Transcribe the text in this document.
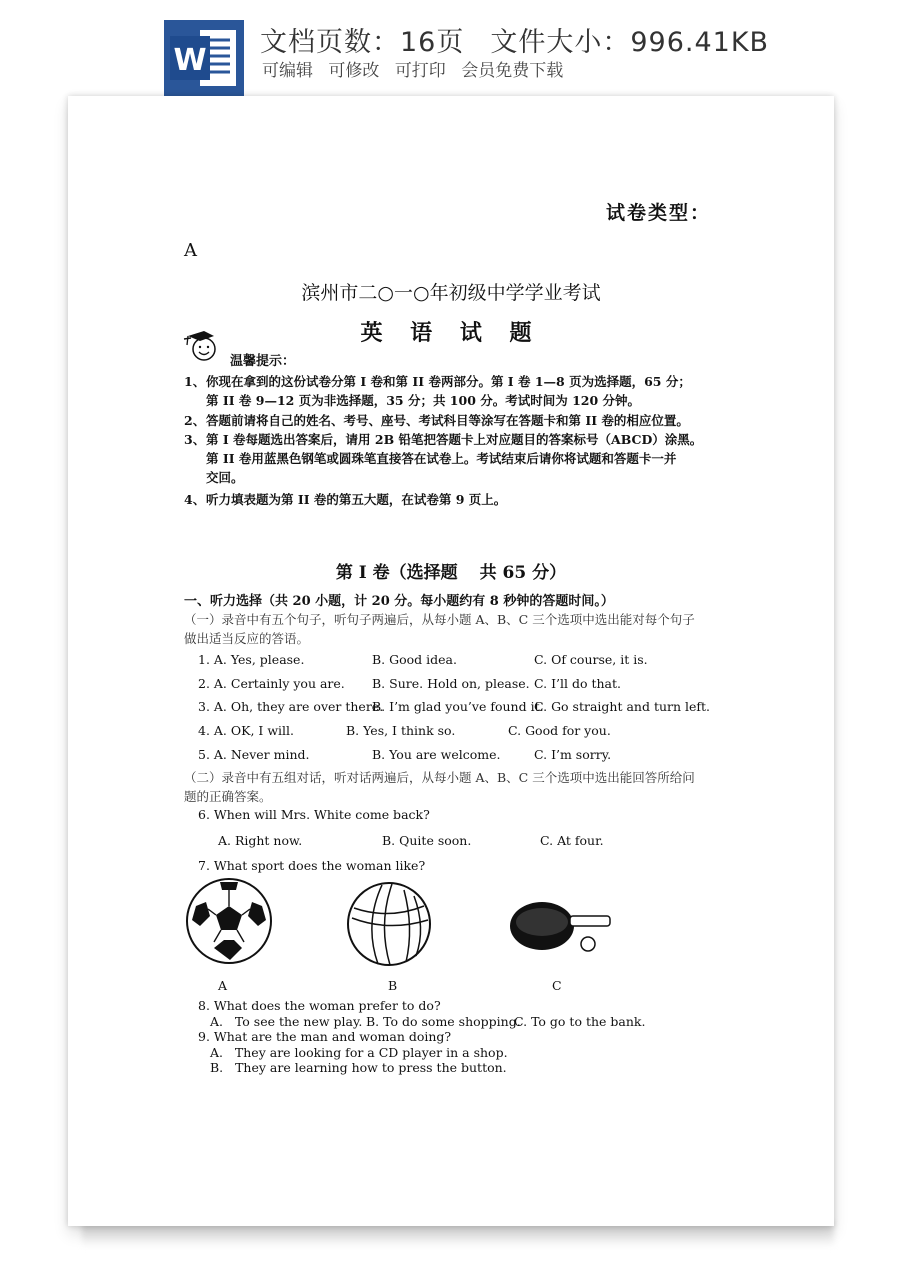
W
文档页数：16页 文件大小：996.41KB
可编辑 可修改 可打印 会员免费下载
试卷类型：
A
滨州市二○一○年初级中学学业考试
英 语 试 题
温馨提示：
1、 你现在拿到的这份试卷分第 I 卷和第 II 卷两部分。第 I 卷 1—8 页为选择题，65 分；
第 II 卷 9—12 页为非选择题，35 分；共 100 分。考试时间为 120 分钟。
2、 答题前请将自己的姓名、考号、座号、考试科目等涂写在答题卡和第 II 卷的相应位置。
3、 第 I 卷每题选出答案后，请用 2B 铅笔把答题卡上对应题目的答案标号（ABCD）涂黑。
第 II 卷用蓝黑色钢笔或圆珠笔直接答在试卷上。考试结束后请你将试题和答题卡一并
交回。
4、 听力填表题为第 II 卷的第五大题，在试卷第 9 页上。
第 I 卷（选择题 共 65 分）
一、听力选择（共 20 小题，计 20 分。每小题约有 8 秒钟的答题时间。）
（一）录音中有五个句子，听句子两遍后，从每小题 A、B、C 三个选项中选出能对每个句子
做出适当反应的答语。
1. A. Yes, please.	B. Good idea.	C. Of course, it is.
2. A. Certainly you are. B. Sure. Hold on, please. C. I’ll do that.
3. A. Oh, they are over there.
B. I’m glad you’ve found it.
C. Go straight and turn left.
4. A. OK, I will.	B. Yes, I think so.	C. Good for you.
5. A. Never mind.	B. You are welcome.	C. I’m sorry.
（二）录音中有五组对话，听对话两遍后，从每小题 A、B、C 三个选项中选出能回答所给问
题的正确答案。
6. When will Mrs. White come back?
A. Right now.	B. Quite soon.	C. At four.
7. What sport does the woman like?
A	B	C
8. What does the woman prefer to do?
A.   To see the new play. B. To do some shopping.
C. To go to the bank.
9. What are the man and woman doing?
A.   They are looking for a CD player in a shop.
B.   They are learning how to press the button.
